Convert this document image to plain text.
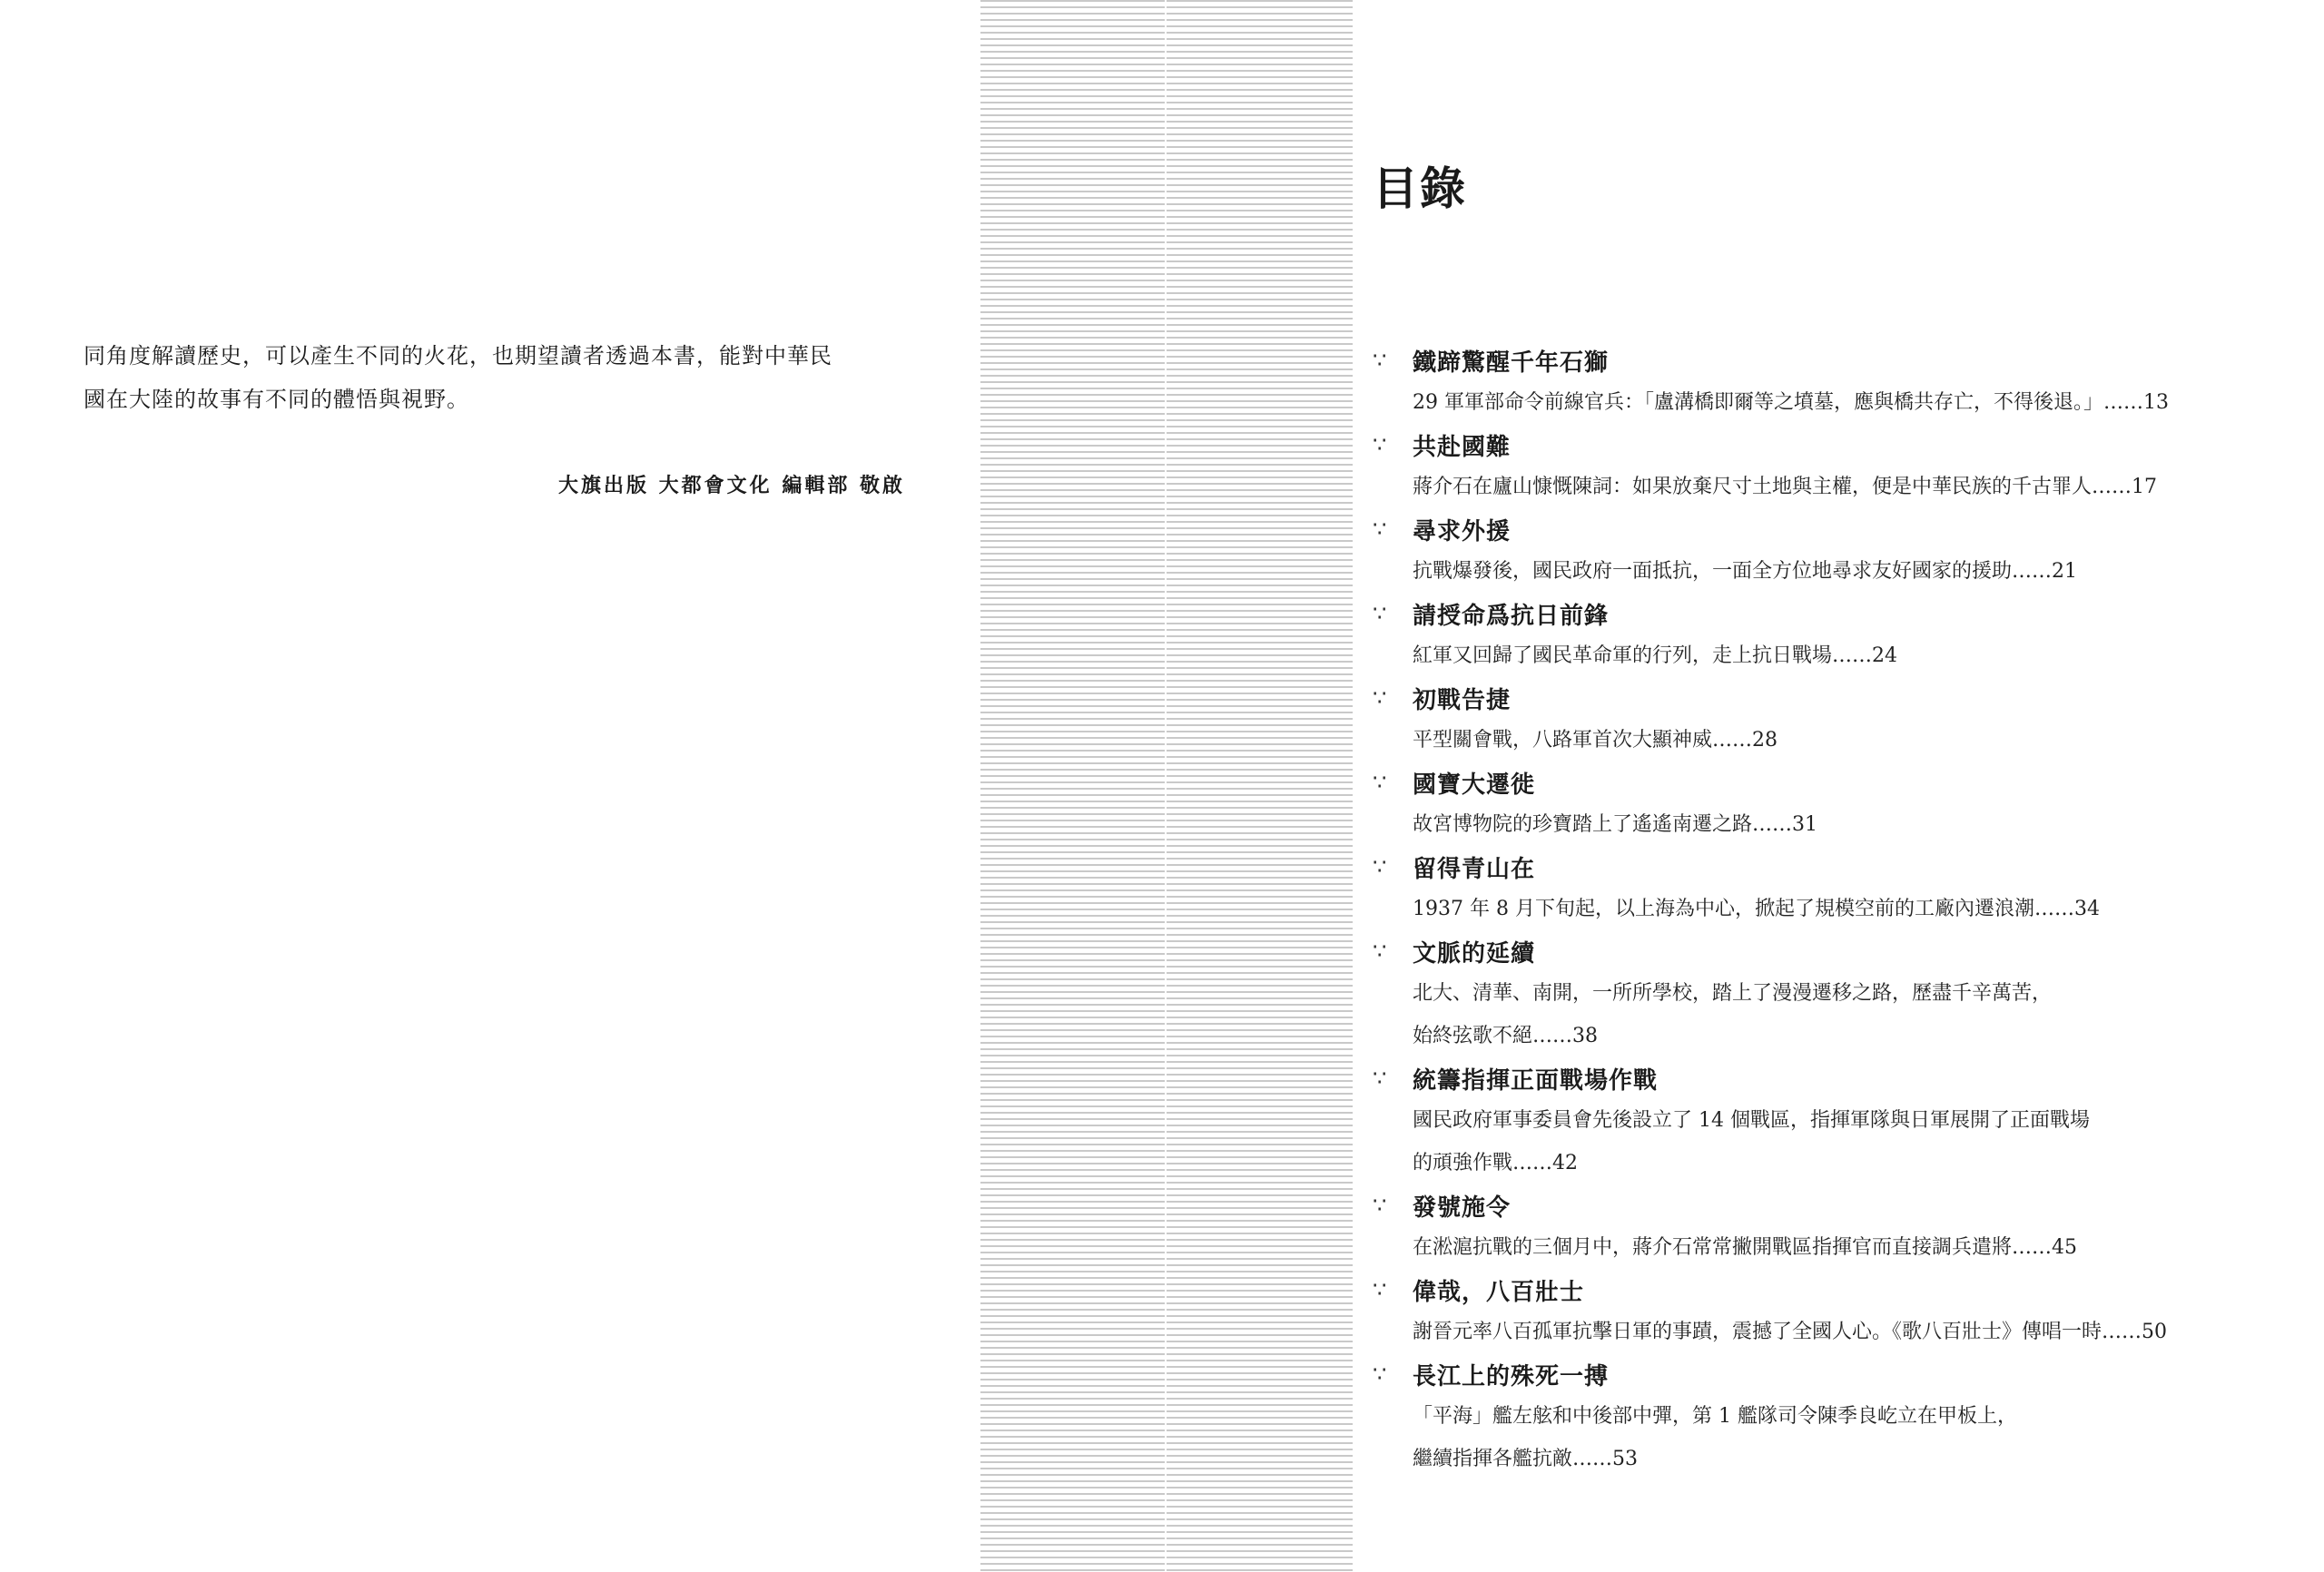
同角度解讀歷史，可以產生不同的火花，也期望讀者透過本書，能對中華民

國在大陸的故事有不同的體悟與視野。

大旗出版 大都會文化 編輯部 敬啟
目錄
∵	鐵蹄驚醒千年石獅
29 軍軍部命令前線官兵：「盧溝橋即爾等之墳墓，應與橋共存亡，不得後退。」……13
∵	共赴國難
蔣介石在廬山慷慨陳詞：如果放棄尺寸土地與主權，便是中華民族的千古罪人……17
∵	尋求外援
抗戰爆發後，國民政府一面抵抗，一面全方位地尋求友好國家的援助……21
∵	請授命爲抗日前鋒
紅軍又回歸了國民革命軍的行列，走上抗日戰場……24
∵	初戰告捷
平型關會戰，八路軍首次大顯神威……28
∵	國寶大遷徙
故宮博物院的珍寶踏上了遙遙南遷之路……31
∵	留得青山在
1937 年 8 月下旬起，以上海為中心，掀起了規模空前的工廠內遷浪潮……34
∵	文脈的延續
北大、清華、南開，一所所學校，踏上了漫漫遷移之路，歷盡千辛萬苦，
始終弦歌不絕……38
∵	統籌指揮正面戰場作戰
國民政府軍事委員會先後設立了 14 個戰區，指揮軍隊與日軍展開了正面戰場
的頑強作戰……42
∵	發號施令
在淞滬抗戰的三個月中，蔣介石常常撇開戰區指揮官而直接調兵遣將……45
∵	偉哉，八百壯士
謝晉元率八百孤軍抗擊日軍的事蹟，震撼了全國人心。《歌八百壯士》傳唱一時……50
∵	長江上的殊死一搏
「平海」艦左舷和中後部中彈，第 1 艦隊司令陳季良屹立在甲板上，
繼續指揮各艦抗敵……53
